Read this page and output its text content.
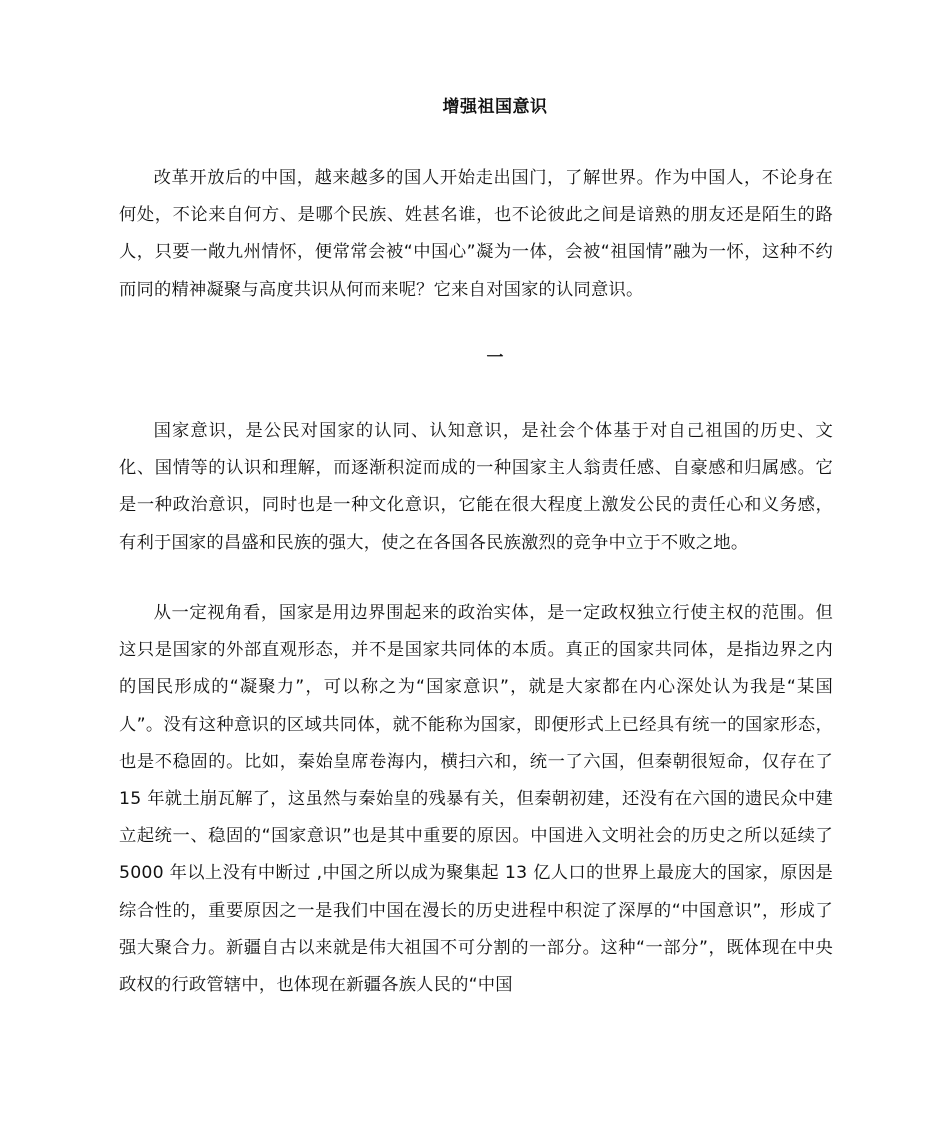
增强祖国意识

改革开放后的中国，越来越多的国人开始走出国门，了解世界。作为中国人，不论身在何处，不论来自何方、是哪个民族、姓甚名谁，也不论彼此之间是谙熟的朋友还是陌生的路人，只要一敞九州情怀，便常常会被“中国心”凝为一体，会被“祖国情”融为一怀，这种不约而同的精神凝聚与高度共识从何而来呢？它来自对国家的认同意识。

一

国家意识，是公民对国家的认同、认知意识，是社会个体基于对自己祖国的历史、文化、国情等的认识和理解，而逐渐积淀而成的一种国家主人翁责任感、自豪感和归属感。它是一种政治意识，同时也是一种文化意识，它能在很大程度上激发公民的责任心和义务感，有利于国家的昌盛和民族的强大，使之在各国各民族激烈的竞争中立于不败之地。

从一定视角看，国家是用边界围起来的政治实体，是一定政权独立行使主权的范围。但这只是国家的外部直观形态，并不是国家共同体的本质。真正的国家共同体，是指边界之内的国民形成的“凝聚力”，可以称之为“国家意识”，就是大家都在内心深处认为我是“某国人”。没有这种意识的区域共同体，就不能称为国家，即便形式上已经具有统一的国家形态，也是不稳固的。比如，秦始皇席卷海内，横扫六和，统一了六国，但秦朝很短命，仅存在了 15 年就土崩瓦解了，这虽然与秦始皇的残暴有关，但秦朝初建，还没有在六国的遗民众中建立起统一、稳固的“国家意识”也是其中重要的原因。中国进入文明社会的历史之所以延续了 5000 年以上没有中断过 ,中国之所以成为聚集起 13 亿人口的世界上最庞大的国家，原因是综合性的，重要原因之一是我们中国在漫长的历史进程中积淀了深厚的“中国意识”，形成了强大聚合力。新疆自古以来就是伟大祖国不可分割的一部分。这种“一部分”，既体现在中央政权的行政管辖中，也体现在新疆各族人民的“中国
